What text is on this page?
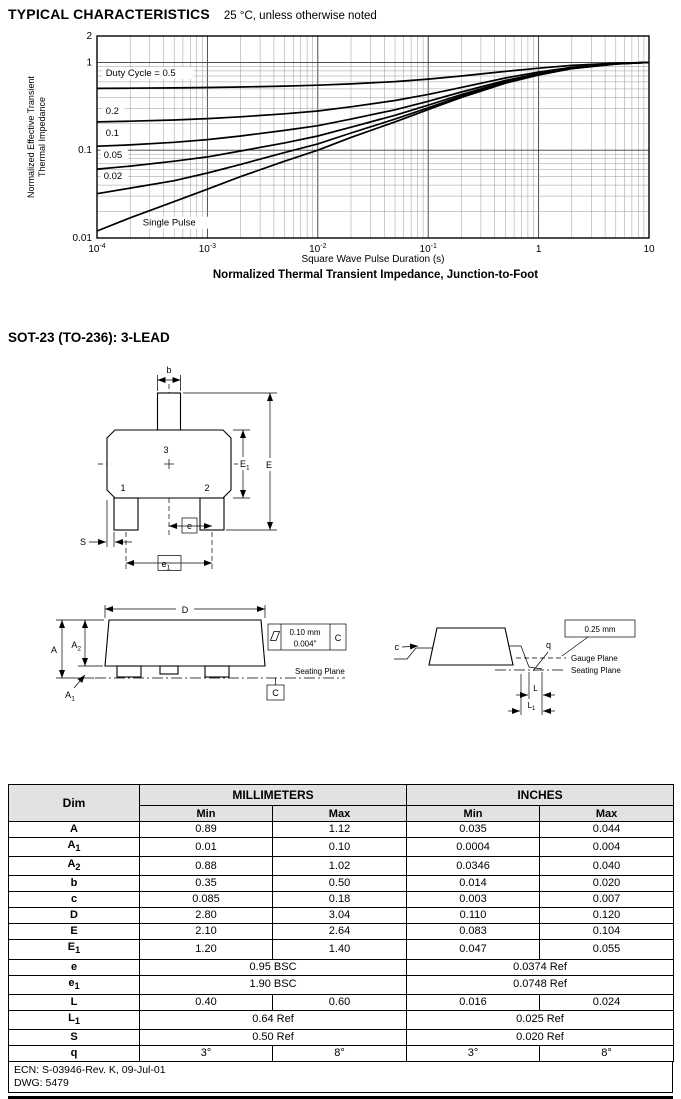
TYPICAL CHARACTERISTICS 25 °C, unless otherwise noted
Normalized Effective Transient Thermal Impedance
Square Wave Pulse Duration (s)
Duty Cycle = 0.5
0.2
0.1
0.05
0.02
Single Pulse
$10^{-4}$	$10^{-3}$	$10^{-2}$	$10^{-1}$	1	10
2
1
0.1
0.01
Normalized Thermal Transient Impedance, Junction-to-Foot
SOT-23 (TO-236): 3-LEAD
3
1	2
b
$E_1$ E
S
e
$e_1$
D
A $A_2$
$A_1$
Seating Plane
C
0.10 mm
0.004"
C
c
Gauge Plane
Seating Plane
0.25 mm
q
L
$L_1$
Dim	MILLIMETERS		INCHES	
	Min	Max	Min	Max
A	0.89	1.12	0.035	0.044
$A_1$	0.01	0.10	0.0004	0.004
$A_2$	0.88	1.02	0.0346	0.040
b	0.35	0.50	0.014	0.020
c	0.085	0.18	0.003	0.007
D	2.80	3.04	0.110	0.120
E	2.10	2.64	0.083	0.104
$E_1$	1.20	1.40	0.047	0.055
e	0.95 BSC		0.0374 Ref	
$e_1$	1.90 BSC		0.0748 Ref	
L	0.40	0.60	0.016	0.024
$L_1$	0.64 Ref		0.025 Ref	
S	0.50 Ref		0.020 Ref	
q	3°	8°	3°	8°
ECN: S-03946-Rev. K, 09-Jul-01
DWG: 5479
